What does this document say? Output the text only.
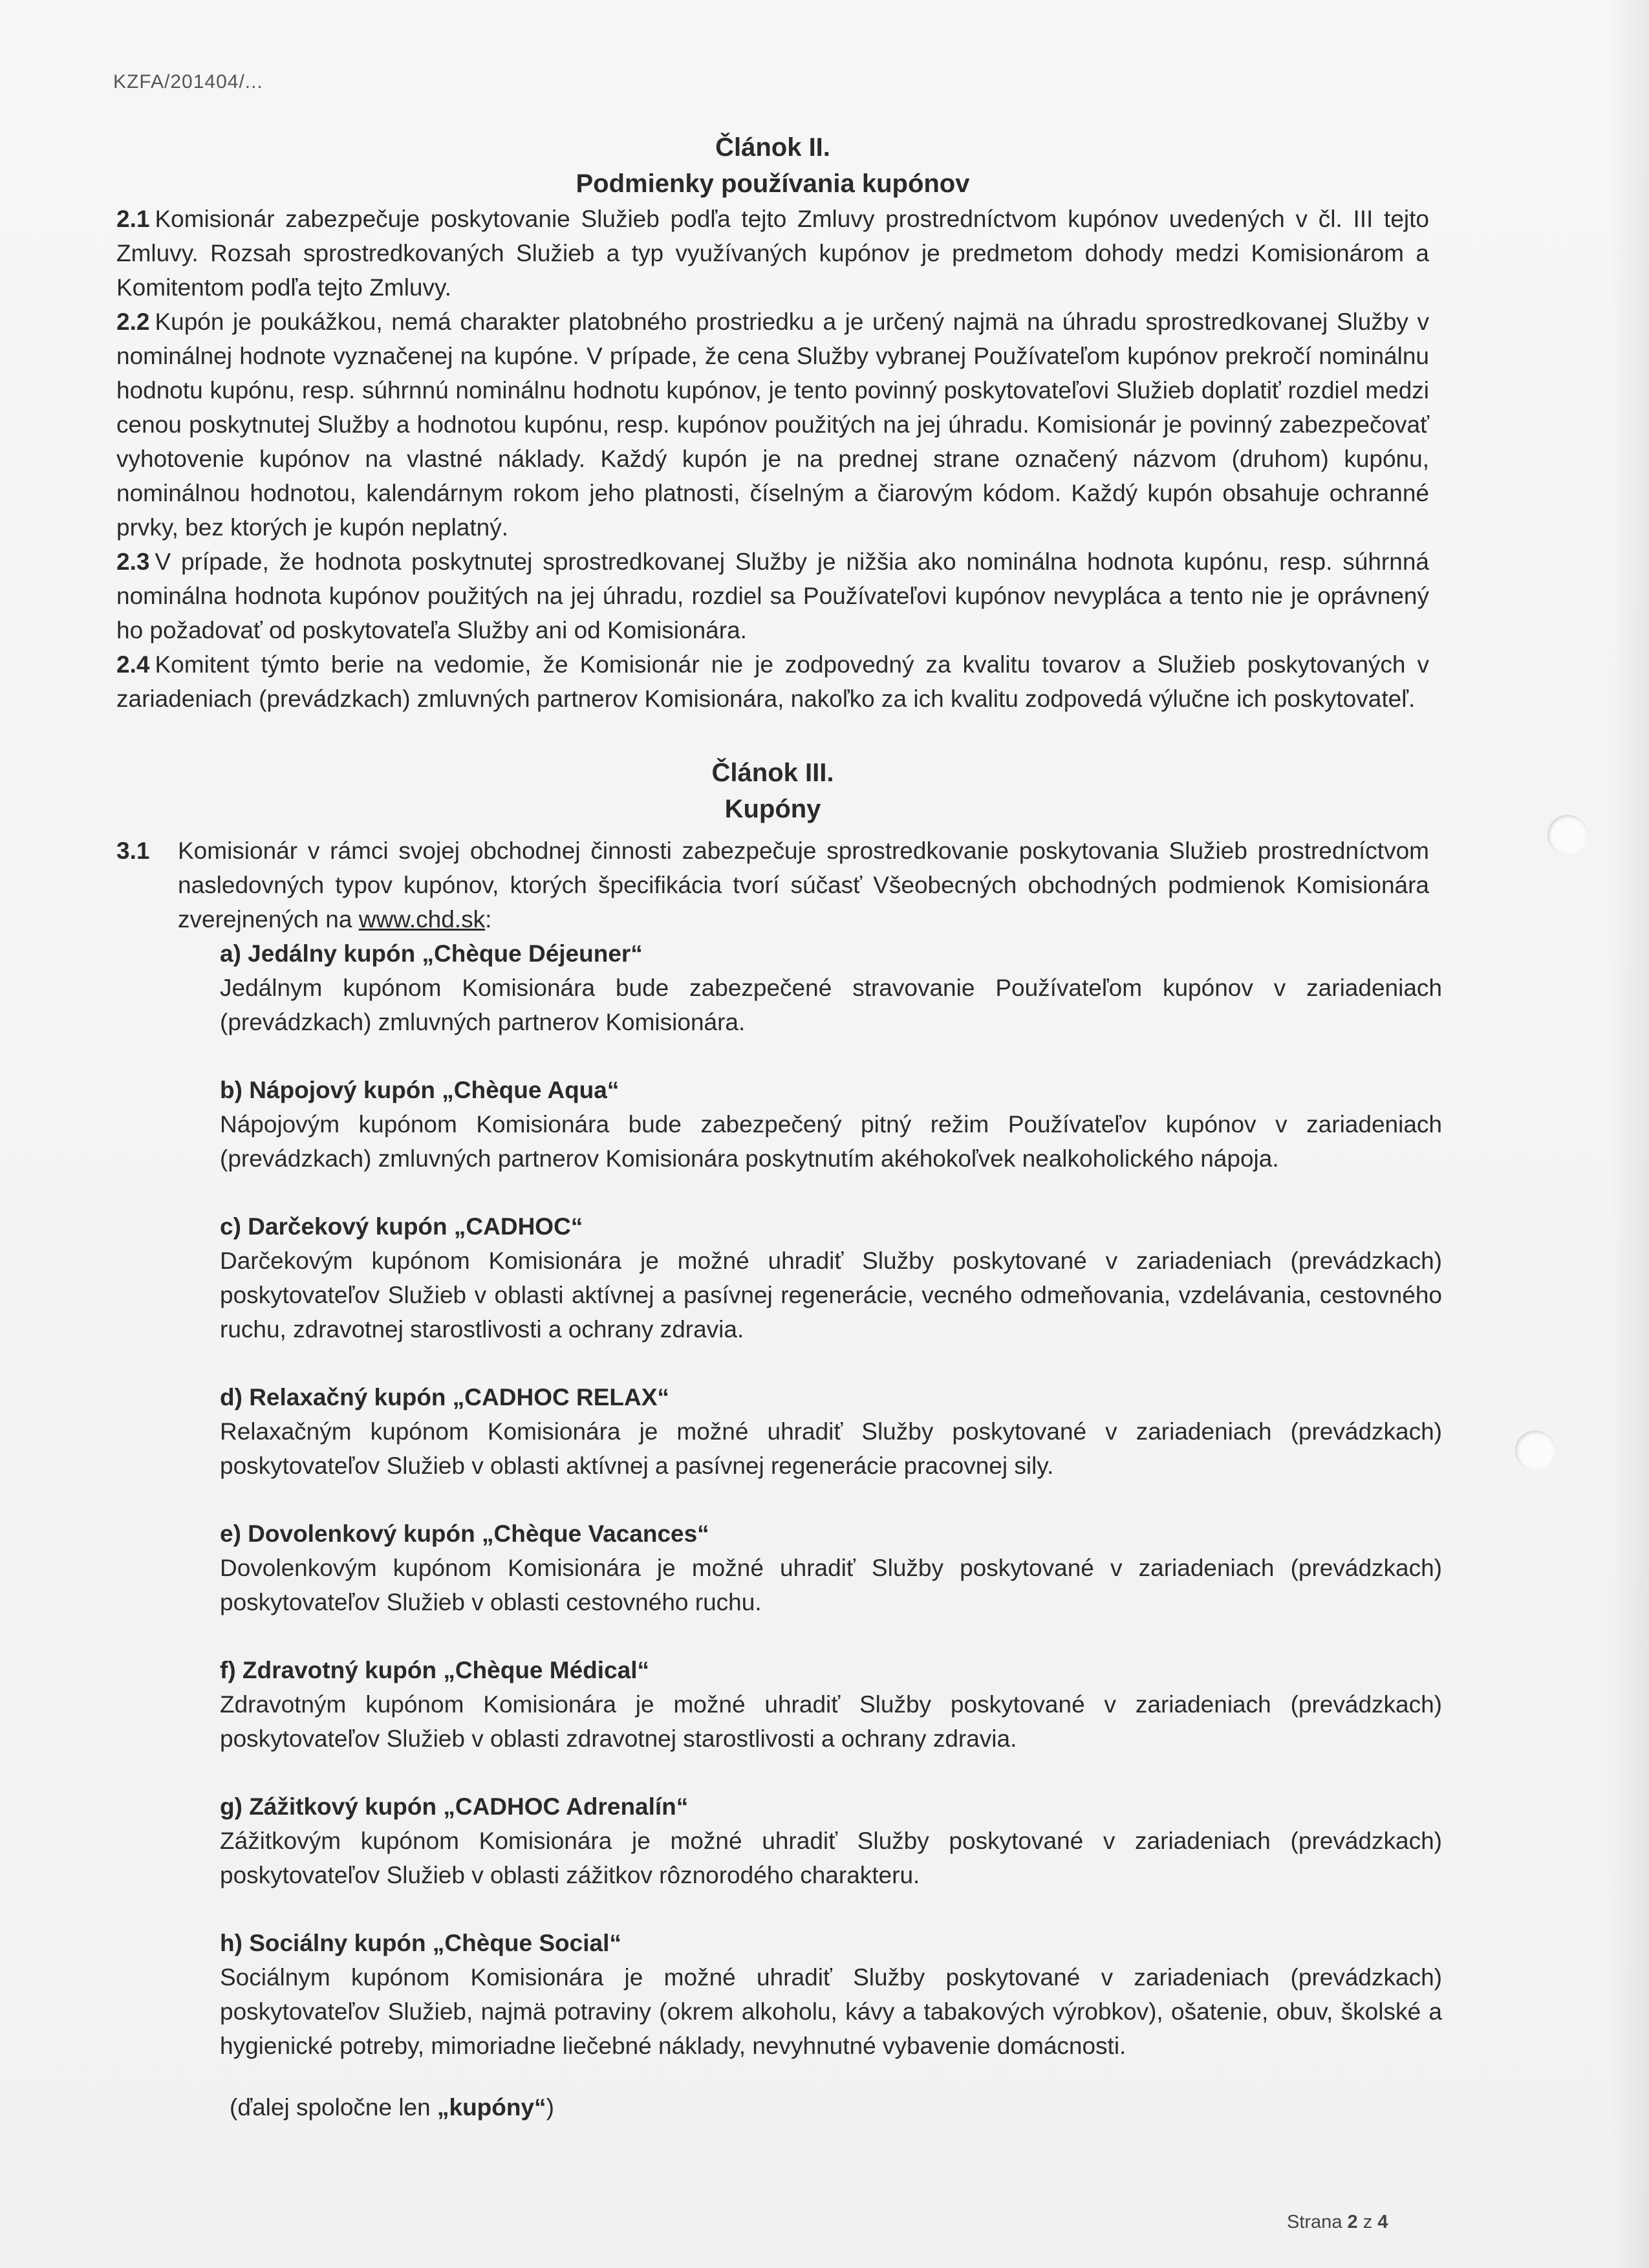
KZFA/201404/...
Článok II.
Podmienky používania kupónov

2.1 Komisionár zabezpečuje poskytovanie Služieb podľa tejto Zmluvy prostredníctvom kupónov uvedených v čl. III tejto Zmluvy. Rozsah sprostredkovaných Služieb a typ využívaných kupónov je predmetom dohody medzi Komisionárom a Komitentom podľa tejto Zmluvy.

2.2 Kupón je poukážkou, nemá charakter platobného prostriedku a je určený najmä na úhradu sprostredkovanej Služby v nominálnej hodnote vyznačenej na kupóne. V prípade, že cena Služby vybranej Používateľom kupónov prekročí nominálnu hodnotu kupónu, resp. súhrnnú nominálnu hodnotu kupónov, je tento povinný poskytovateľovi Služieb doplatiť rozdiel medzi cenou poskytnutej Služby a hodnotou kupónu, resp. kupónov použitých na jej úhradu. Komisionár je povinný zabezpečovať vyhotovenie kupónov na vlastné náklady. Každý kupón je na prednej strane označený názvom (druhom) kupónu, nominálnou hodnotou, kalendárnym rokom jeho platnosti, číselným a čiarovým kódom. Každý kupón obsahuje ochranné prvky, bez ktorých je kupón neplatný.

2.3 V prípade, že hodnota poskytnutej sprostredkovanej Služby je nižšia ako nominálna hodnota kupónu, resp. súhrnná nominálna hodnota kupónov použitých na jej úhradu, rozdiel sa Používateľovi kupónov nevypláca a tento nie je oprávnený ho požadovať od poskytovateľa Služby ani od Komisionára.

2.4 Komitent týmto berie na vedomie, že Komisionár nie je zodpovedný za kvalitu tovarov a Služieb poskytovaných v zariadeniach (prevádzkach) zmluvných partnerov Komisionára, nakoľko za ich kvalitu zodpovedá výlučne ich poskytovateľ.

Článok III.
Kupóny
3.1	Komisionár v rámci svojej obchodnej činnosti zabezpečuje sprostredkovanie poskytovania Služieb prostredníctvom nasledovných typov kupónov, ktorých špecifikácia tvorí súčasť Všeobecných obchodných podmienok Komisionára zverejnených na www.chd.sk:
a) Jedálny kupón „Chèque Déjeuner“
Jedálnym kupónom Komisionára bude zabezpečené stravovanie Používateľom kupónov v zariadeniach (prevádzkach) zmluvných partnerov Komisionára.
b) Nápojový kupón „Chèque Aqua“
Nápojovým kupónom Komisionára bude zabezpečený pitný režim Používateľov kupónov v zariadeniach (prevádzkach) zmluvných partnerov Komisionára poskytnutím akéhokoľvek nealkoholického nápoja.
c) Darčekový kupón „CADHOC“
Darčekovým kupónom Komisionára je možné uhradiť Služby poskytované v zariadeniach (prevádzkach) poskytovateľov Služieb v oblasti aktívnej a pasívnej regenerácie, vecného odmeňovania, vzdelávania, cestovného ruchu, zdravotnej starostlivosti a ochrany zdravia.
d) Relaxačný kupón „CADHOC RELAX“
Relaxačným kupónom Komisionára je možné uhradiť Služby poskytované v zariadeniach (prevádzkach) poskytovateľov Služieb v oblasti aktívnej a pasívnej regenerácie pracovnej sily.
e) Dovolenkový kupón „Chèque Vacances“
Dovolenkovým kupónom Komisionára je možné uhradiť Služby poskytované v zariadeniach (prevádzkach) poskytovateľov Služieb v oblasti cestovného ruchu.
f) Zdravotný kupón „Chèque Médical“
Zdravotným kupónom Komisionára je možné uhradiť Služby poskytované v zariadeniach (prevádzkach) poskytovateľov Služieb v oblasti zdravotnej starostlivosti a ochrany zdravia.
g) Zážitkový kupón „CADHOC Adrenalín“
Zážitkovým kupónom Komisionára je možné uhradiť Služby poskytované v zariadeniach (prevádzkach) poskytovateľov Služieb v oblasti zážitkov rôznorodého charakteru.
h) Sociálny kupón „Chèque Social“
Sociálnym kupónom Komisionára je možné uhradiť Služby poskytované v zariadeniach (prevádzkach) poskytovateľov Služieb, najmä potraviny (okrem alkoholu, kávy a tabakových výrobkov), ošatenie, obuv, školské a hygienické potreby, mimoriadne liečebné náklady, nevyhnutné vybavenie domácnosti.
(ďalej spoločne len „kupóny“)
Strana 2 z 4
